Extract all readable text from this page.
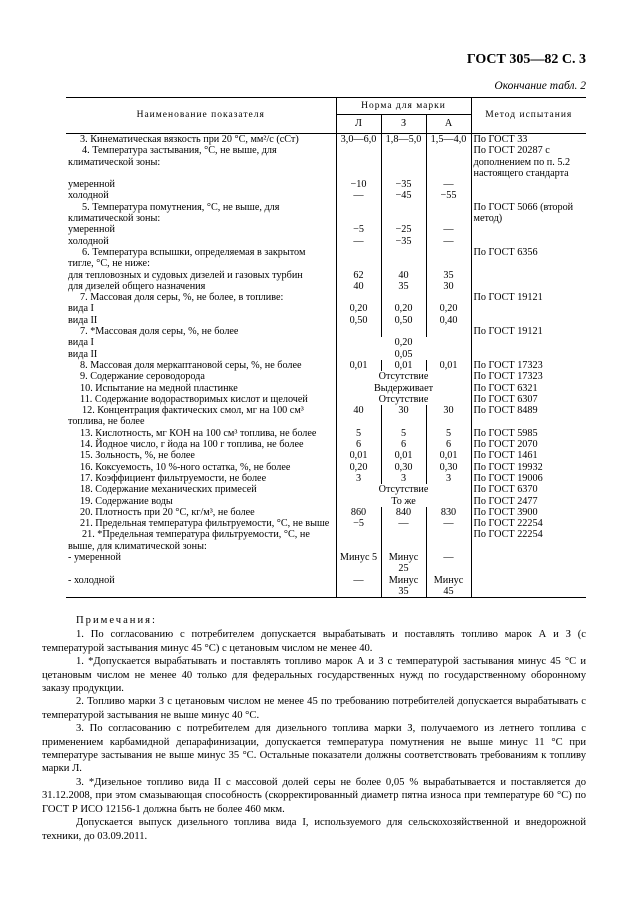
ГОСТ 305—82 С. 3
Окончание табл. 2
Наименование показателя	Норма для марки			Метод испытания
	Л	З	А	
3. Кинематическая вязкость при 20 °С, мм²/с (сСт)	3,0—6,0	1,8—5,0	1,5—4,0	По ГОСТ 33
4. Температура застывания, °С, не выше, для климатической зоны:				По ГОСТ 20287 с дополнением по п. 5.2 настоящего стандарта
умеренной	−10	−35	—	
холодной	—	−45	−55	
5. Температура помутнения, °С, не выше, для климатической зоны:				По ГОСТ 5066 (второй метод)
умеренной	−5	−25	—	
холодной	—	−35	—	
6. Температура вспышки, определяемая в закрытом тигле, °С, не ниже:				По ГОСТ 6356
для тепловозных и судовых дизелей и газовых турбин	62	40	35	
для дизелей общего назначения	40	35	30	
7. Массовая доля серы, %, не более, в топливе:				По ГОСТ 19121
вида I	0,20	0,20	0,20	
вида II	0,50	0,50	0,40	
7. *Массовая доля серы, %, не более				По ГОСТ 19121
вида I	0,20			
вида II	0,05			
8. Массовая доля меркаптановой серы, %, не более	0,01	0,01	0,01	По ГОСТ 17323
9. Содержание сероводорода	Отсутствие			По ГОСТ 17323
10. Испытание на медной пластинке	Выдерживает			По ГОСТ 6321
11. Содержание водорастворимых кислот и щелочей	Отсутствие			По ГОСТ 6307
12. Концентрация фактических смол, мг на 100 см³ топлива, не более	40	30	30	По ГОСТ 8489
13. Кислотность, мг КОН на 100 см³ топлива, не более	5	5	5	По ГОСТ 5985
14. Йодное число, г йода на 100 г топлива, не более	6	6	6	По ГОСТ 2070
15. Зольность, %, не более	0,01	0,01	0,01	По ГОСТ 1461
16. Коксуемость, 10 %-ного остатка, %, не более	0,20	0,30	0,30	По ГОСТ 19932
17. Коэффициент фильтруемости, не более	3	3	3	По ГОСТ 19006
18. Содержание механических примесей	Отсутствие			По ГОСТ 6370
19. Содержание воды	То же			По ГОСТ 2477
20. Плотность при 20 °С, кг/м³, не более	860	840	830	По ГОСТ 3900
21. Предельная температура фильтруемости, °С, не выше	−5	—	—	По ГОСТ 22254
21. *Предельная температура фильтруемости, °С, не выше, для климатической зоны:				По ГОСТ 22254
- умеренной	Минус 5	Минус 25	—	
- холодной	—	Минус 35	Минус 45	

Примечания:

1. По согласованию с потребителем допускается вырабатывать и поставлять топливо марок А и З (с температурой застывания минус 45 °С) с цетановым числом не менее 40.

1. *Допускается вырабатывать и поставлять топливо марок А и З с температурой застывания минус 45 °С и цетановым числом не менее 40 только для федеральных государственных нужд по государственному оборонному заказу продукции.

2. Топливо марки З с цетановым числом не менее 45 по требованию потребителей допускается вырабатывать с температурой застывания не выше минус 40 °С.

3. По согласованию с потребителем для дизельного топлива марки З, получаемого из летнего топлива с применением карбамидной депарафинизации, допускается температура помутнения не выше минус 11 °С при температуре застывания не выше минус 35 °С. Остальные показатели должны соответствовать требованиям к топливу марки Л.

3. *Дизельное топливо вида II с массовой долей серы не более 0,05 % вырабатывается и поставляется до 31.12.2008, при этом смазывающая способность (скорректированный диаметр пятна износа при температуре 60 °С) по ГОСТ Р ИСО 12156-1 должна быть не более 460 мкм.

Допускается выпуск дизельного топлива вида I, используемого для сельскохозяйственной и внедорожной техники, до 03.09.2011.
